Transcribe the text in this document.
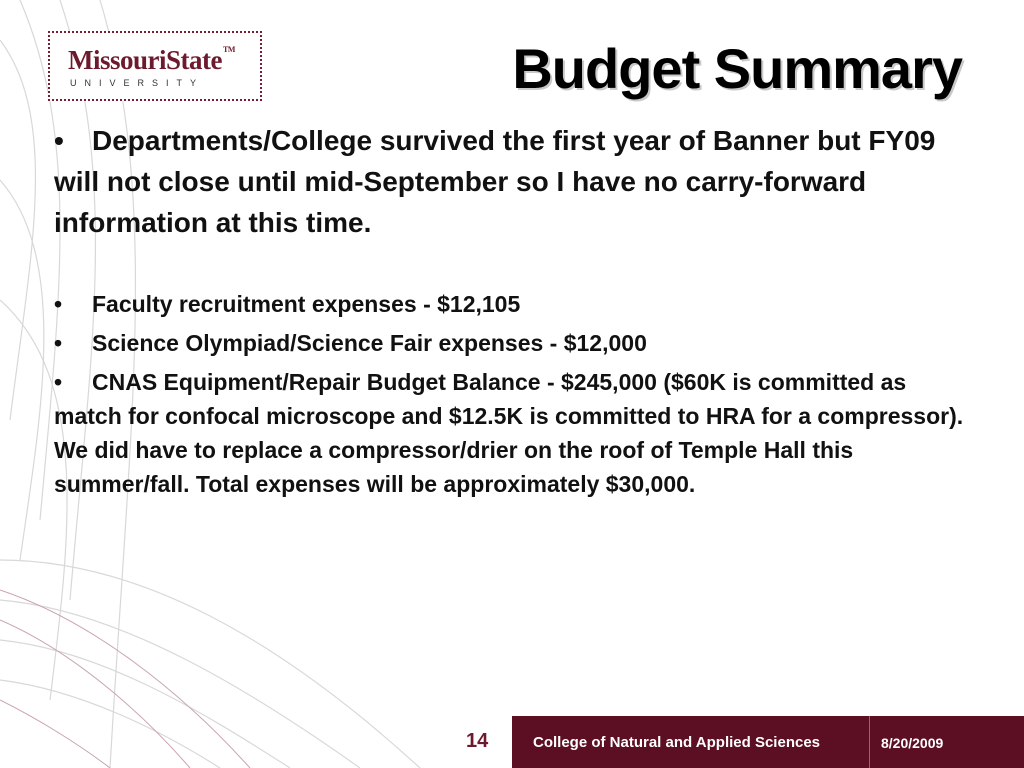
MissouriState™
UNIVERSITY	Budget Summary

• Departments/College survived the first year of Banner but FY09 will not close until mid-September so I have no carry-forward information at this time.

• Faculty recruitment expenses - $12,105

• Science Olympiad/Science Fair expenses - $12,000

• CNAS Equipment/Repair Budget Balance - $245,000 ($60K is committed as match for confocal microscope and $12.5K is committed to HRA for a compressor). We did have to replace a compressor/drier on the roof of Temple Hall this summer/fall. Total expenses will be approximately $30,000.

14	College of Natural and Applied Sciences	8/20/2009
